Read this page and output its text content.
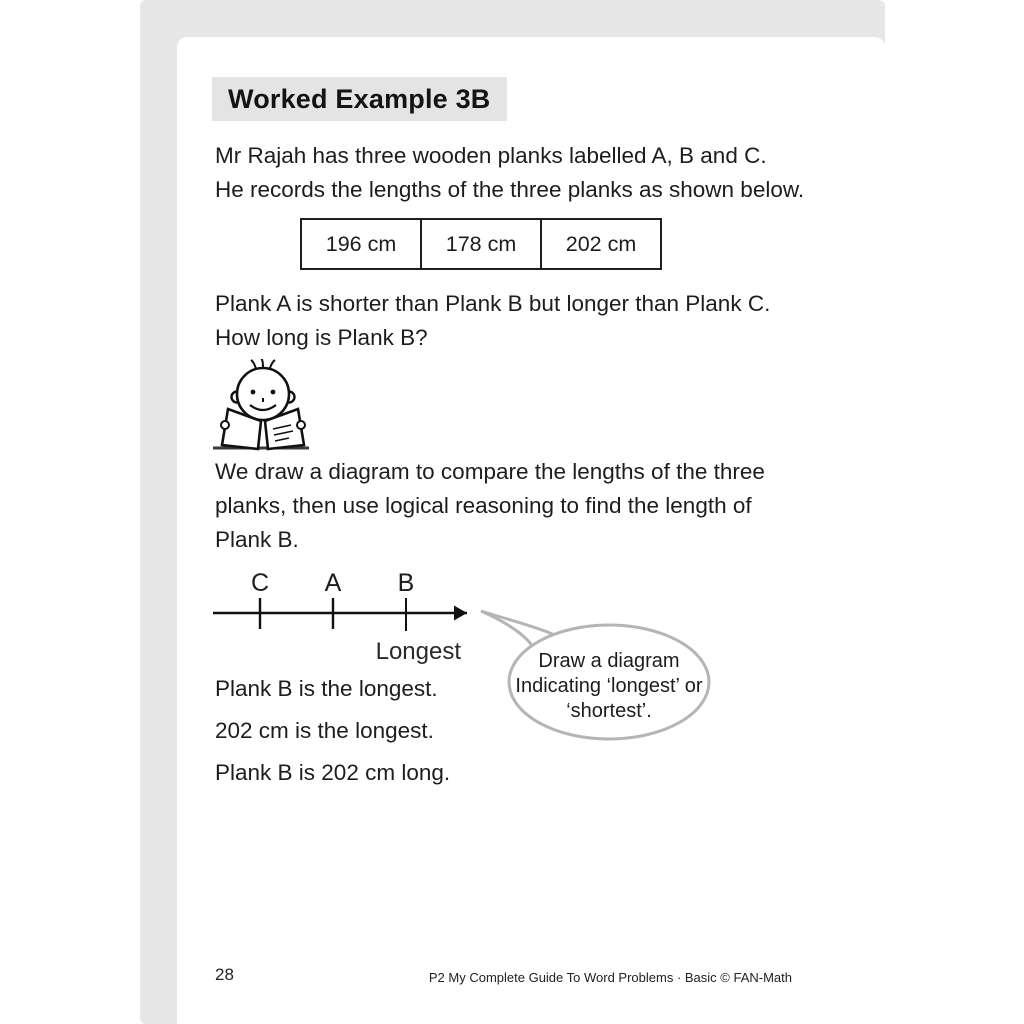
Worked Example 3B
Mr Rajah has three wooden planks labelled A, B and C.
He records the lengths of the three planks as shown below.
196 cm	178 cm	202 cm
Plank A is shorter than Plank B but longer than Plank C.
How long is Plank B?
We draw a diagram to compare the lengths of the three
planks, then use logical reasoning to find the length of
Plank B.
C A B
Longest	Draw a diagram
Indicating ‘longest’ or
‘shortest’.
Plank B is the longest.
202 cm is the longest.
Plank B is 202 cm long.
28	P2 My Complete Guide To Word Problems · Basic © FAN-Math
